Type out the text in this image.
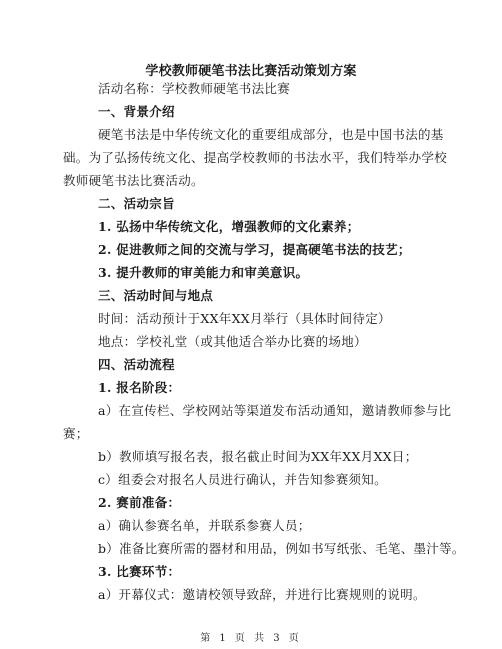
学校教师硬笔书法比赛活动策划方案
活动名称：学校教师硬笔书法比赛
一、背景介绍
硬笔书法是中华传统文化的重要组成部分，也是中国书法的基
础。为了弘扬传统文化、提高学校教师的书法水平，我们特举办学校
教师硬笔书法比赛活动。
二、活动宗旨
1. 弘扬中华传统文化，增强教师的文化素养；
2. 促进教师之间的交流与学习，提高硬笔书法的技艺；
3. 提升教师的审美能力和审美意识。
三、活动时间与地点
时间：活动预计于XX年XX月举行（具体时间待定）
地点：学校礼堂（或其他适合举办比赛的场地）
四、活动流程
1. 报名阶段：
a）在宣传栏、学校网站等渠道发布活动通知，邀请教师参与比
赛；
b）教师填写报名表，报名截止时间为XX年XX月XX日；
c）组委会对报名人员进行确认，并告知参赛须知。
2. 赛前准备：
a）确认参赛名单，并联系参赛人员；
b）准备比赛所需的器材和用品，例如书写纸张、毛笔、墨汁等。
3. 比赛环节：
a）开幕仪式：邀请校领导致辞，并进行比赛规则的说明。
第 1 页 共 3 页
